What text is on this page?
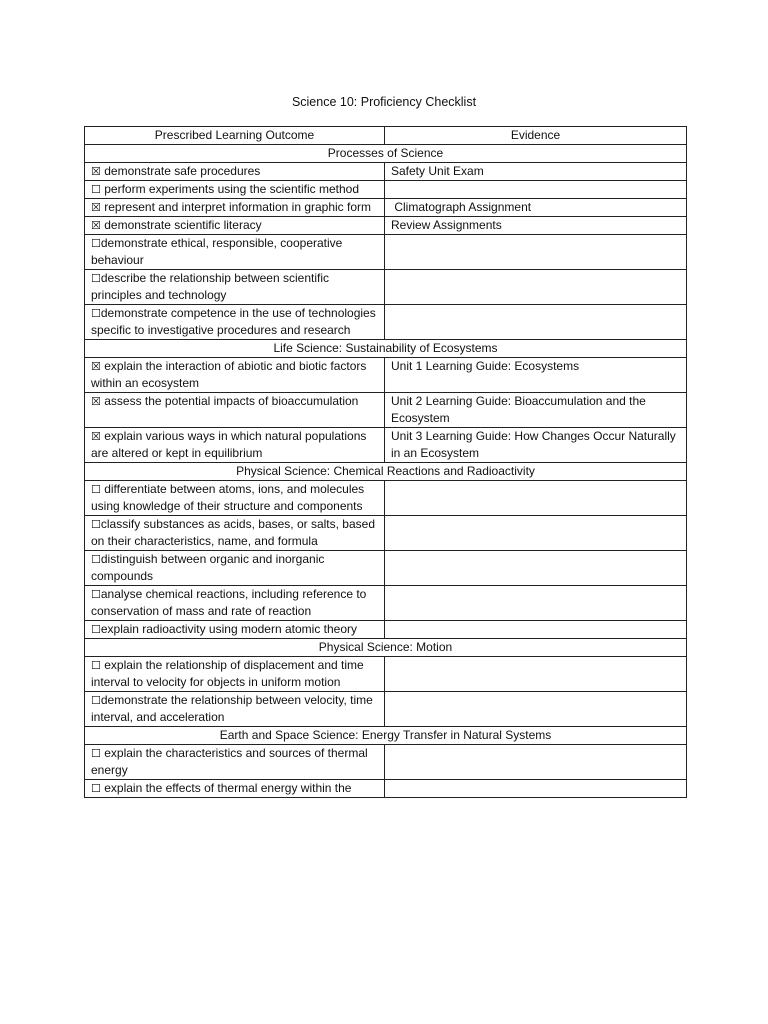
Science 10: Proficiency Checklist
Prescribed Learning Outcome	Evidence
Processes of Science	
☒ demonstrate safe procedures	Safety Unit Exam
☐ perform experiments using the scientific method	
☒ represent and interpret information in graphic form	Climatograph Assignment
☒ demonstrate scientific literacy	Review Assignments
☐demonstrate ethical, responsible, cooperative behaviour	
☐describe the relationship between scientific principles and technology	
☐demonstrate competence in the use of technologies specific to investigative procedures and research	
Life Science: Sustainability of Ecosystems	
☒ explain the interaction of abiotic and biotic factors within an ecosystem	Unit 1 Learning Guide: Ecosystems
☒ assess the potential impacts of bioaccumulation	Unit 2 Learning Guide: Bioaccumulation and the Ecosystem
☒ explain various ways in which natural populations are altered or kept in equilibrium	Unit 3 Learning Guide: How Changes Occur Naturally in an Ecosystem
Physical Science: Chemical Reactions and Radioactivity	
☐ differentiate between atoms, ions, and molecules using knowledge of their structure and components	
☐classify substances as acids, bases, or salts, based on their characteristics, name, and formula	
☐distinguish between organic and inorganic compounds	
☐analyse chemical reactions, including reference to conservation of mass and rate of reaction	
☐explain radioactivity using modern atomic theory	
Physical Science: Motion	
☐ explain the relationship of displacement and time interval to velocity for objects in uniform motion	
☐demonstrate the relationship between velocity, time interval, and acceleration	
Earth and Space Science: Energy Transfer in Natural Systems	
☐ explain the characteristics and sources of thermal energy	
☐ explain the effects of thermal energy within the	
